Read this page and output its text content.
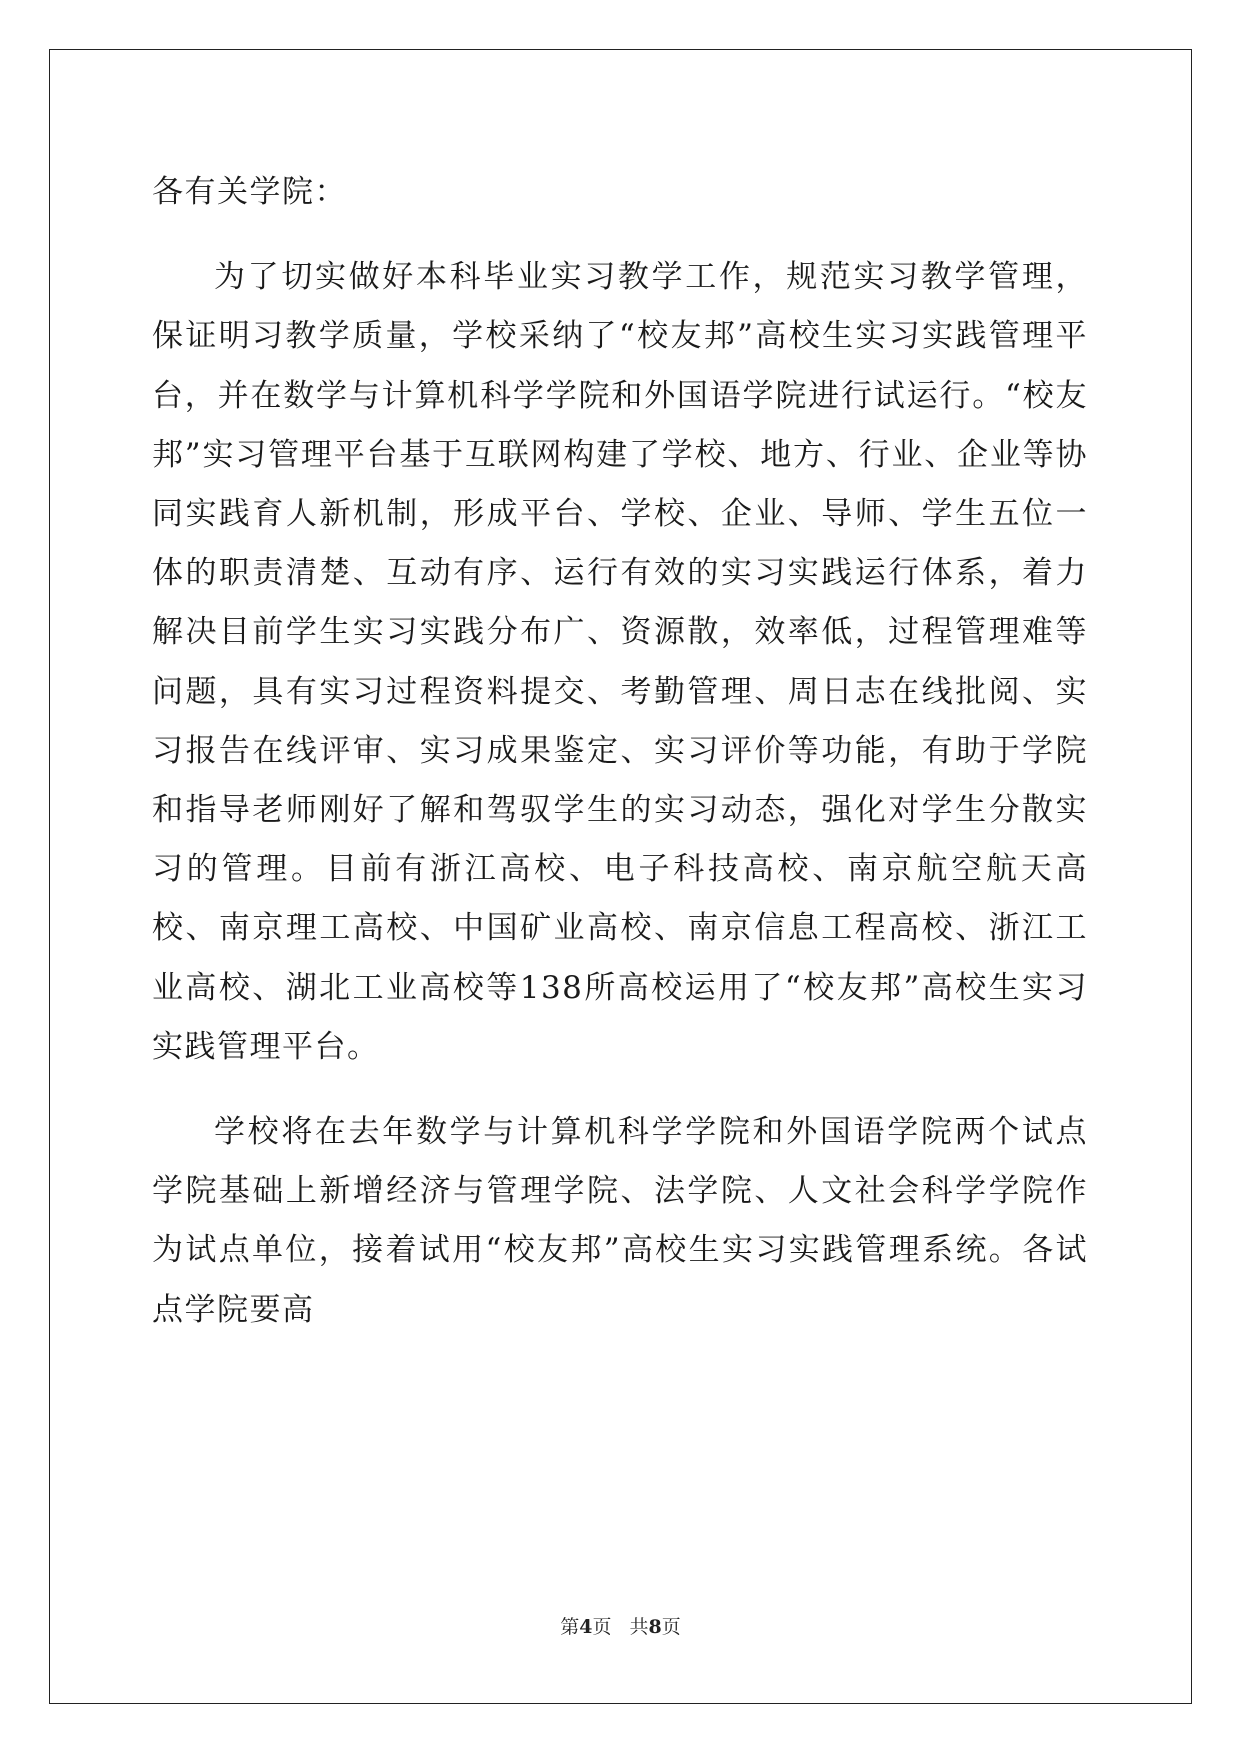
各有关学院：

为了切实做好本科毕业实习教学工作，规范实习教学管理，保证明习教学质量，学校采纳了“校友邦”高校生实习实践管理平台，并在数学与计算机科学学院和外国语学院进行试运行。“校友邦”实习管理平台基于互联网构建了学校、地方、行业、企业等协同实践育人新机制，形成平台、学校、企业、导师、学生五位一体的职责清楚、互动有序、运行有效的实习实践运行体系，着力解决目前学生实习实践分布广、资源散，效率低，过程管理难等问题，具有实习过程资料提交、考勤管理、周日志在线批阅、实习报告在线评审、实习成果鉴定、实习评价等功能，有助于学院和指导老师刚好了解和驾驭学生的实习动态，强化对学生分散实习的管理。目前有浙江高校、电子科技高校、南京航空航天高校、南京理工高校、中国矿业高校、南京信息工程高校、浙江工业高校、湖北工业高校等138所高校运用了“校友邦”高校生实习实践管理平台。

学校将在去年数学与计算机科学学院和外国语学院两个试点学院基础上新增经济与管理学院、法学院、人文社会科学学院作为试点单位，接着试用“校友邦”高校生实习实践管理系统。各试点学院要高

第4页 共8页
